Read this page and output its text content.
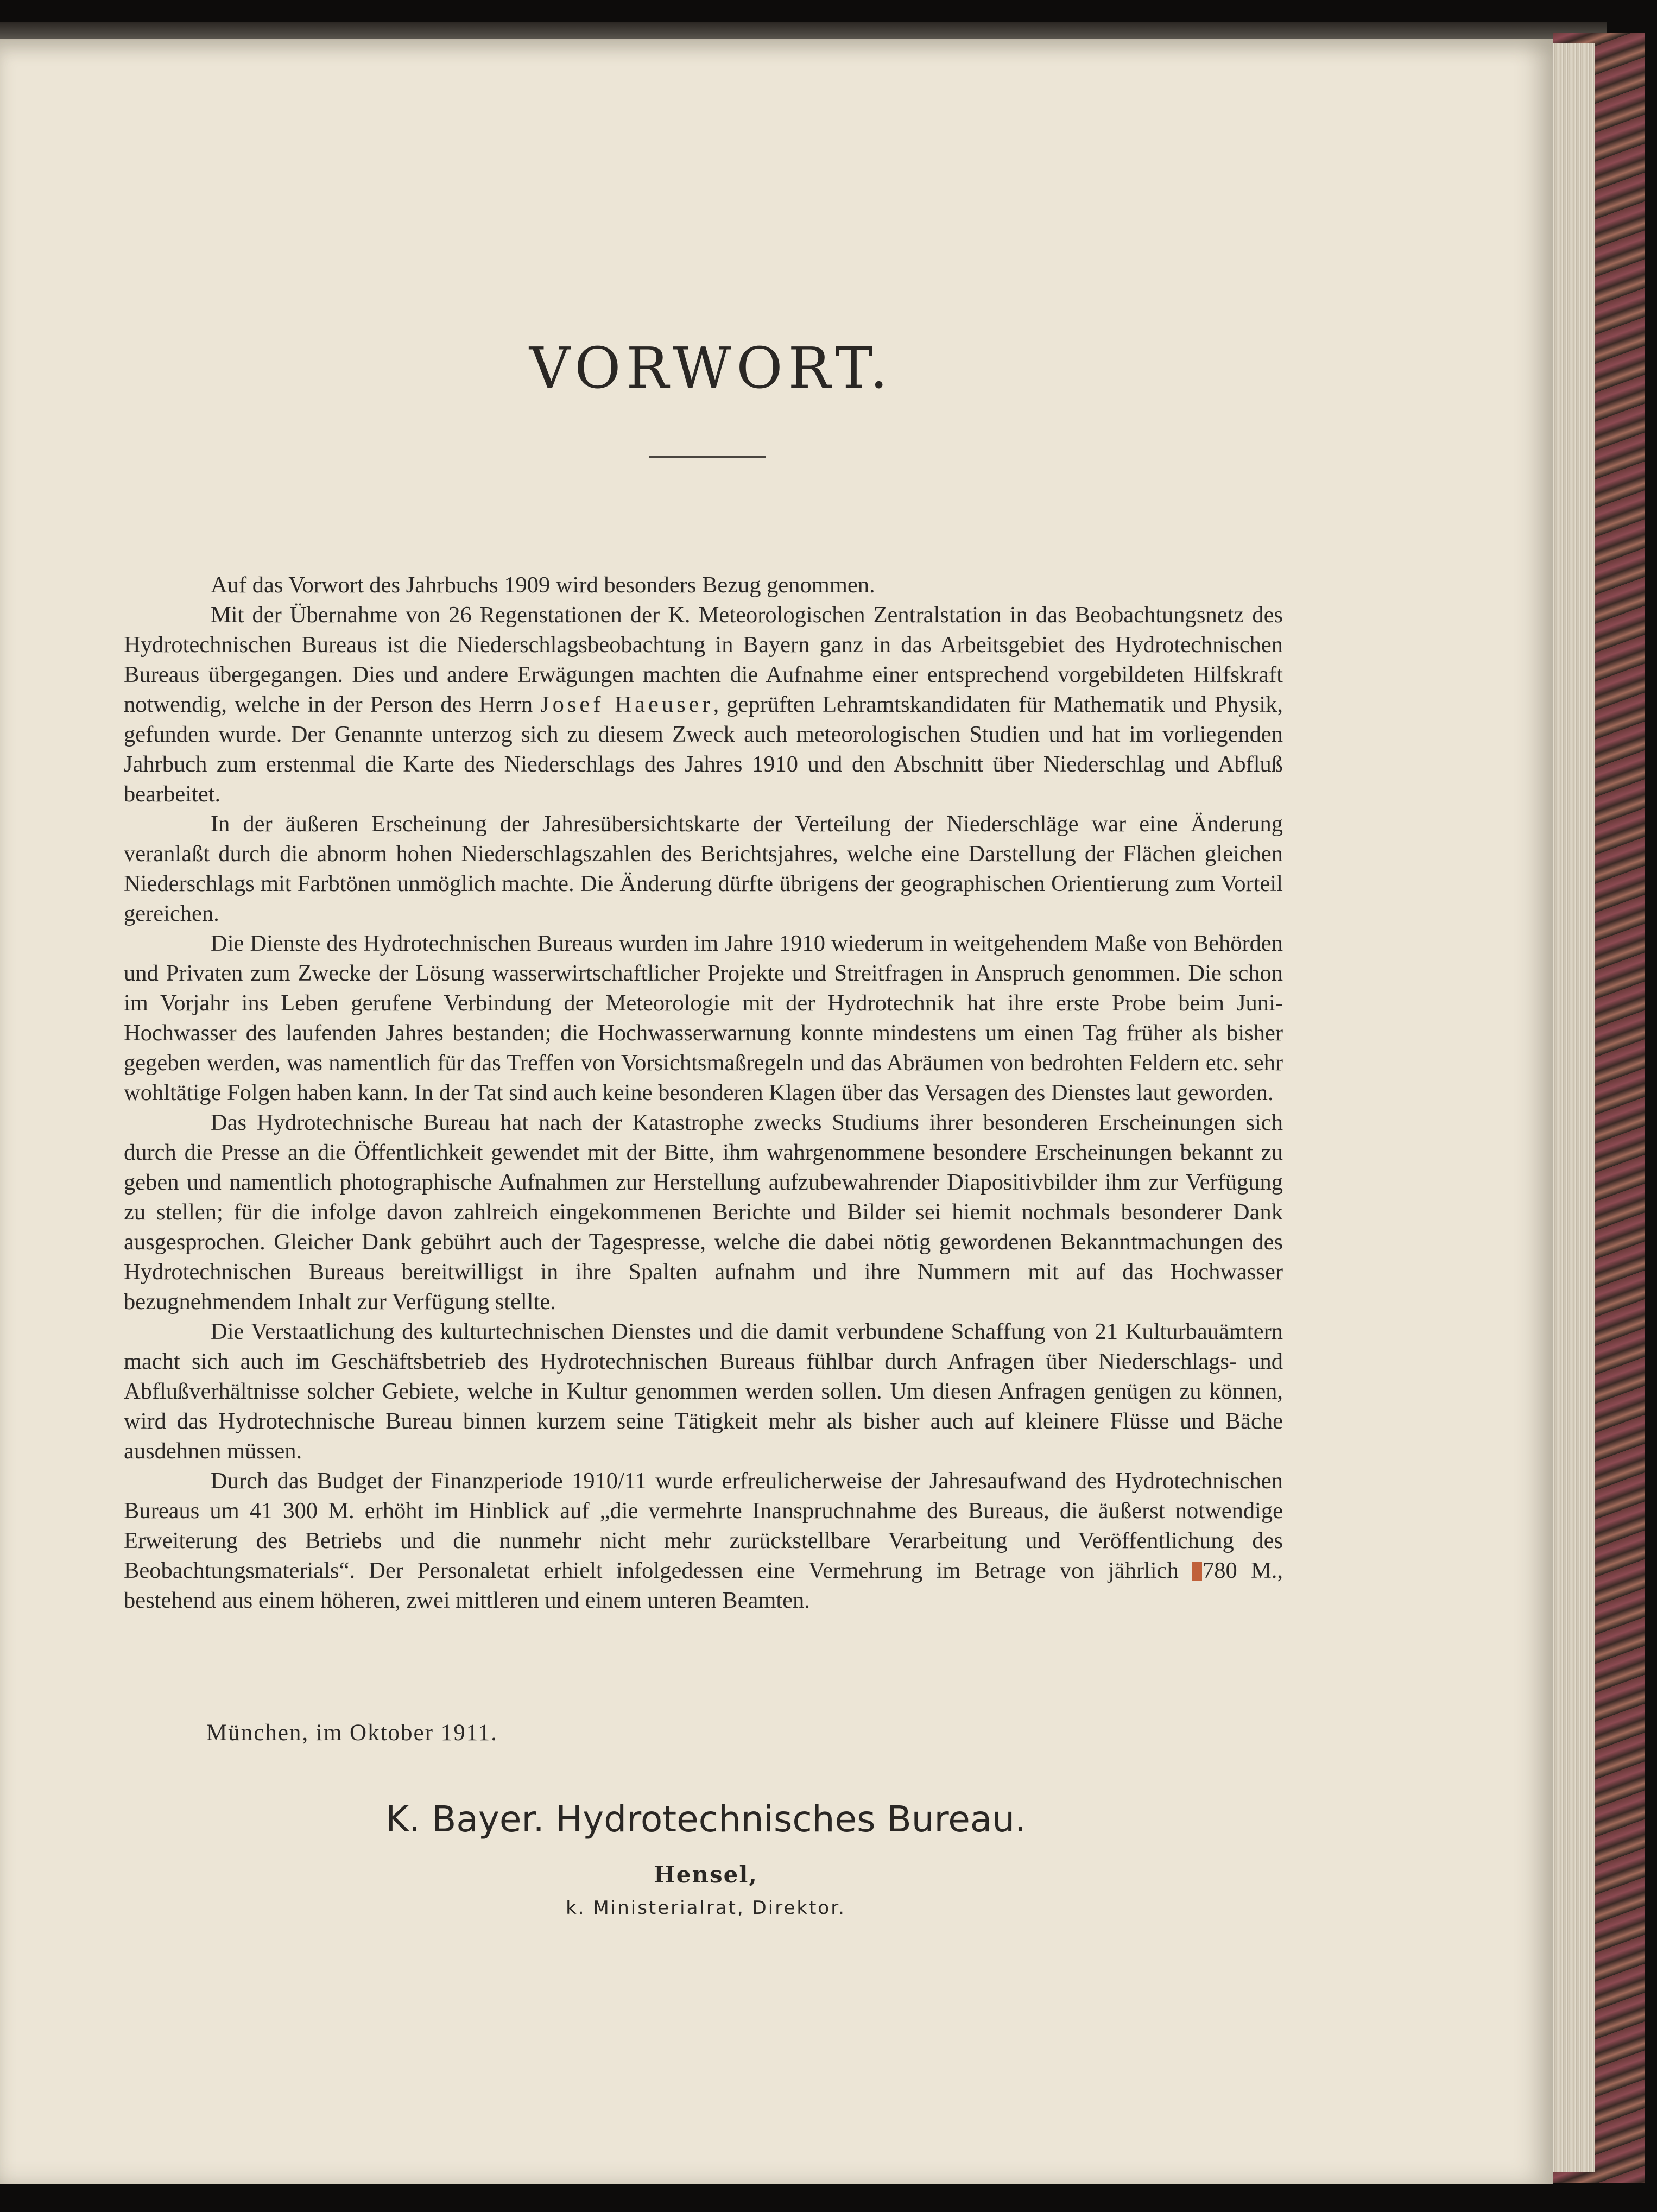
VORWORT.

Auf das Vorwort des Jahrbuchs 1909 wird besonders Bezug genommen.

Mit der Übernahme von 26 Regenstationen der K. Meteorologischen Zentralstation in das Beobachtungsnetz des Hydrotechnischen Bureaus ist die Niederschlagsbeobachtung in Bayern ganz in das Arbeitsgebiet des Hydrotechnischen Bureaus übergegangen. Dies und andere Erwägungen machten die Aufnahme einer entsprechend vorgebildeten Hilfskraft notwendig, welche in der Person des Herrn Josef Haeuser, geprüften Lehramtskandidaten für Mathematik und Physik, gefunden wurde. Der Genannte unterzog sich zu diesem Zweck auch meteorologischen Studien und hat im vorliegenden Jahrbuch zum erstenmal die Karte des Niederschlags des Jahres 1910 und den Abschnitt über Niederschlag und Abfluß bearbeitet.

In der äußeren Erscheinung der Jahresübersichtskarte der Verteilung der Niederschläge war eine Änderung veranlaßt durch die abnorm hohen Niederschlagszahlen des Berichtsjahres, welche eine Darstellung der Flächen gleichen Niederschlags mit Farbtönen unmöglich machte. Die Änderung dürfte übrigens der geographischen Orientierung zum Vorteil gereichen.

Die Dienste des Hydrotechnischen Bureaus wurden im Jahre 1910 wiederum in weitgehendem Maße von Behörden und Privaten zum Zwecke der Lösung wasserwirtschaftlicher Projekte und Streitfragen in Anspruch genommen. Die schon im Vorjahr ins Leben gerufene Verbindung der Meteorologie mit der Hydrotechnik hat ihre erste Probe beim Juni-Hochwasser des laufenden Jahres bestanden; die Hochwasserwarnung konnte mindestens um einen Tag früher als bisher gegeben werden, was namentlich für das Treffen von Vorsichtsmaßregeln und das Abräumen von bedrohten Feldern etc. sehr wohltätige Folgen haben kann. In der Tat sind auch keine besonderen Klagen über das Versagen des Dienstes laut geworden.

Das Hydrotechnische Bureau hat nach der Katastrophe zwecks Studiums ihrer besonderen Erscheinungen sich durch die Presse an die Öffentlichkeit gewendet mit der Bitte, ihm wahrgenommene besondere Erscheinungen bekannt zu geben und namentlich photographische Aufnahmen zur Herstellung aufzubewahrender Diapositivbilder ihm zur Verfügung zu stellen; für die infolge davon zahlreich eingekommenen Berichte und Bilder sei hiemit nochmals besonderer Dank ausgesprochen. Gleicher Dank gebührt auch der Tagespresse, welche die dabei nötig gewordenen Bekanntmachungen des Hydrotechnischen Bureaus bereitwilligst in ihre Spalten aufnahm und ihre Nummern mit auf das Hochwasser bezugnehmendem Inhalt zur Verfügung stellte.

Die Verstaatlichung des kulturtechnischen Dienstes und die damit verbundene Schaffung von 21 Kulturbauämtern macht sich auch im Geschäftsbetrieb des Hydrotechnischen Bureaus fühlbar durch Anfragen über Niederschlags- und Abflußverhältnisse solcher Gebiete, welche in Kultur genommen werden sollen. Um diesen Anfragen genügen zu können, wird das Hydrotechnische Bureau binnen kurzem seine Tätigkeit mehr als bisher auch auf kleinere Flüsse und Bäche ausdehnen müssen.

Durch das Budget der Finanzperiode 1910/11 wurde erfreulicherweise der Jahresaufwand des Hydrotechnischen Bureaus um 41 300 M. erhöht im Hinblick auf „die vermehrte Inanspruchnahme des Bureaus, die äußerst notwendige Erweiterung des Betriebs und die nunmehr nicht mehr zurückstellbare Verarbeitung und Veröffentlichung des Beobachtungsmaterials“. Der Personaletat erhielt infolgedessen eine Vermehrung im Betrage von jährlich 780 M., bestehend aus einem höheren, zwei mittleren und einem unteren Beamten.

München, im Oktober 1911.
K. Bayer. Hydrotechnisches Bureau.
Hensel,
k. Ministerialrat, Direktor.
